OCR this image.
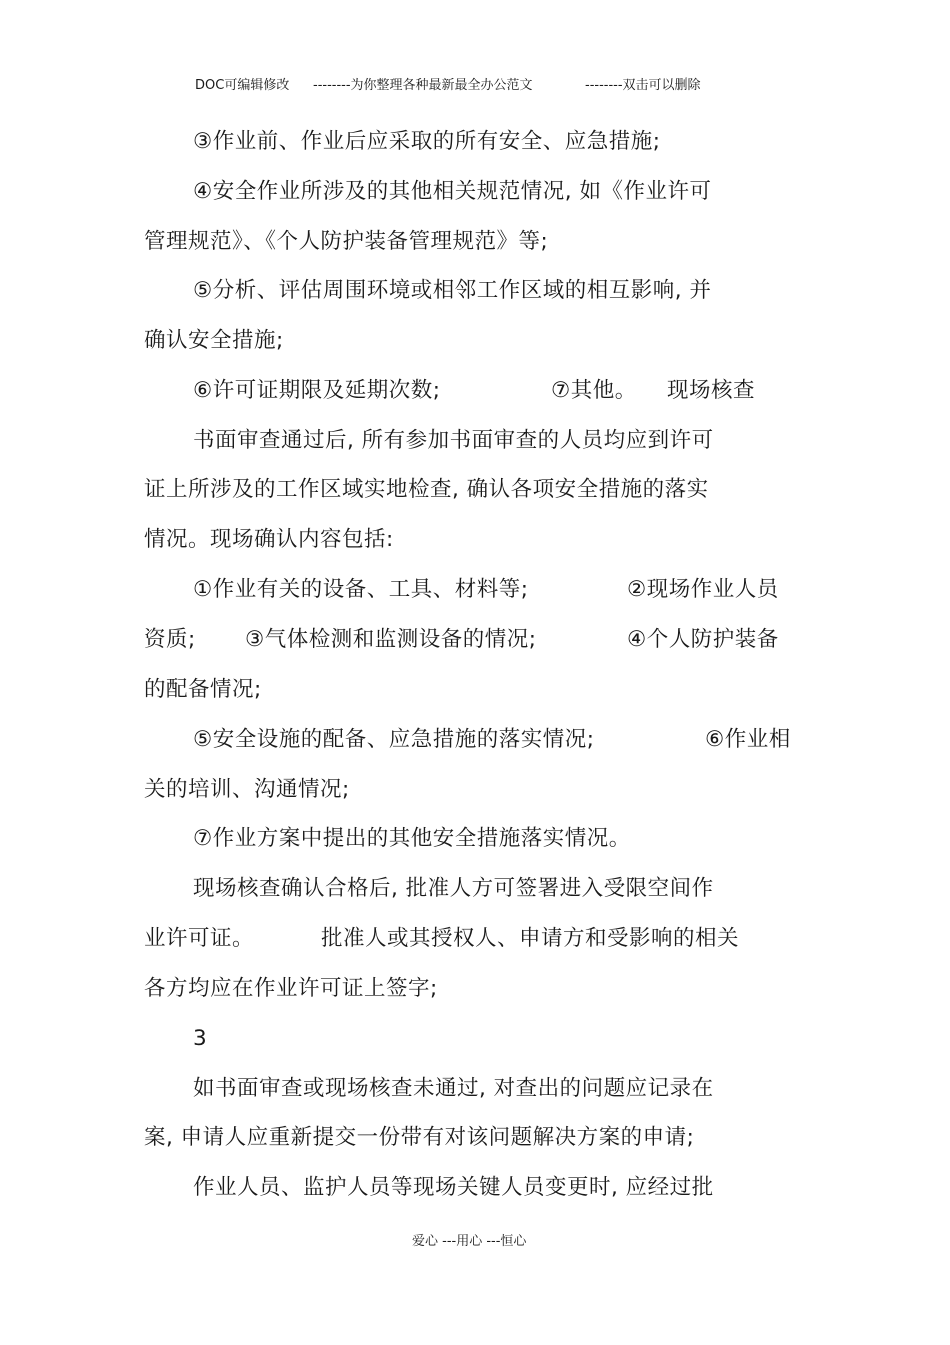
DOC可编辑修改 --------为你整理各种最新最全办公范文	--------双击可以删除
③作业前、作业后应采取的所有安全、应急措施;
④安全作业所涉及的其他相关规范情况, 如《作业许可
管理规范》、《个人防护装备管理规范》等;
⑤分析、评估周围环境或相邻工作区域的相互影响, 并
确认安全措施;
⑥许可证期限及延期次数;	⑦其他。 现场核查
书面审查通过后, 所有参加书面审查的人员均应到许可
证上所涉及的工作区域实地检查, 确认各项安全措施的落实
情况。现场确认内容包括:
①作业有关的设备、工具、材料等;	②现场作业人员
资质; ③气体检测和监测设备的情况;	④个人防护装备
的配备情况;
⑤安全设施的配备、应急措施的落实情况;	⑥作业相
关的培训、沟通情况;
⑦作业方案中提出的其他安全措施落实情况。
现场核查确认合格后, 批准人方可签署进入受限空间作
业许可证。	批准人或其授权人、申请方和受影响的相关
各方均应在作业许可证上签字;
3
如书面审查或现场核查未通过, 对查出的问题应记录在
案, 申请人应重新提交一份带有对该问题解决方案的申请;
作业人员、监护人员等现场关键人员变更时, 应经过批
爱心 ---用心 ---恒心
